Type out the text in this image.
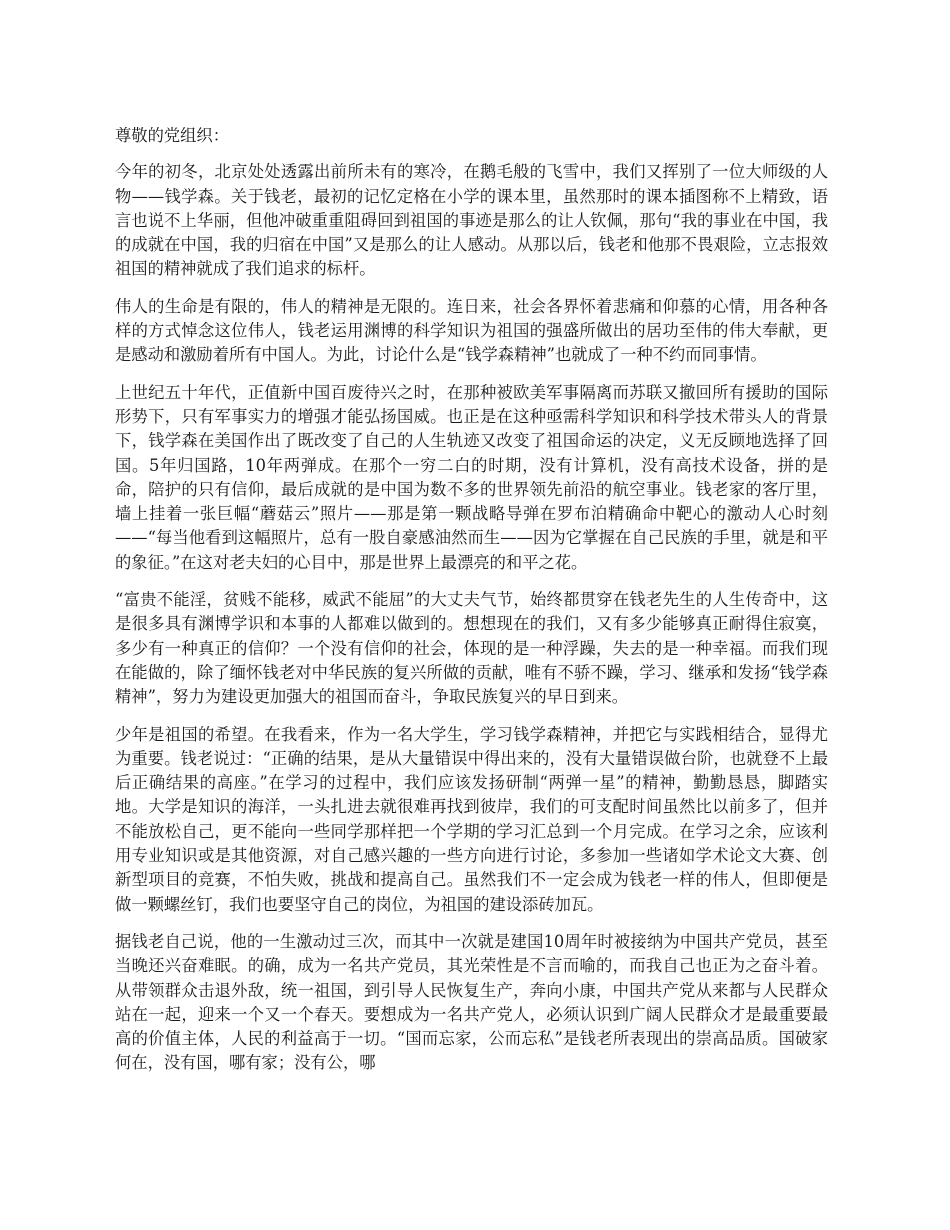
尊敬的党组织：

今年的初冬，北京处处透露出前所未有的寒冷，在鹅毛般的飞雪中，我们又挥别了一位大师级的人物——钱学森。关于钱老，最初的记忆定格在小学的课本里，虽然那时的课本插图称不上精致，语言也说不上华丽，但他冲破重重阻碍回到祖国的事迹是那么的让人钦佩，那句“我的事业在中国，我的成就在中国，我的归宿在中国”又是那么的让人感动。从那以后，钱老和他那不畏艰险，立志报效祖国的精神就成了我们追求的标杆。

伟人的生命是有限的，伟人的精神是无限的。连日来，社会各界怀着悲痛和仰慕的心情，用各种各样的方式悼念这位伟人，钱老运用渊博的科学知识为祖国的强盛所做出的居功至伟的伟大奉献，更是感动和激励着所有中国人。为此，讨论什么是“钱学森精神”也就成了一种不约而同事情。

上世纪五十年代，正值新中国百废待兴之时，在那种被欧美军事隔离而苏联又撤回所有援助的国际形势下，只有军事实力的增强才能弘扬国威。也正是在这种亟需科学知识和科学技术带头人的背景下，钱学森在美国作出了既改变了自己的人生轨迹又改变了祖国命运的决定，义无反顾地选择了回国。5年归国路，10年两弹成。在那个一穷二白的时期，没有计算机，没有高技术设备，拼的是命，陪护的只有信仰，最后成就的是中国为数不多的世界领先前沿的航空事业。钱老家的客厅里，墙上挂着一张巨幅“蘑菇云”照片——那是第一颗战略导弹在罗布泊精确命中靶心的激动人心时刻——“每当他看到这幅照片，总有一股自豪感油然而生——因为它掌握在自己民族的手里，就是和平的象征。”在这对老夫妇的心目中，那是世界上最漂亮的和平之花。

“富贵不能淫，贫贱不能移，威武不能屈”的大丈夫气节，始终都贯穿在钱老先生的人生传奇中，这是很多具有渊博学识和本事的人都难以做到的。想想现在的我们，又有多少能够真正耐得住寂寞，多少有一种真正的信仰？一个没有信仰的社会，体现的是一种浮躁，失去的是一种幸福。而我们现在能做的，除了缅怀钱老对中华民族的复兴所做的贡献，唯有不骄不躁，学习、继承和发扬“钱学森精神”，努力为建设更加强大的祖国而奋斗，争取民族复兴的早日到来。

少年是祖国的希望。在我看来，作为一名大学生，学习钱学森精神，并把它与实践相结合，显得尤为重要。钱老说过：“正确的结果，是从大量错误中得出来的，没有大量错误做台阶，也就登不上最后正确结果的高座。”在学习的过程中，我们应该发扬研制“两弹一星”的精神，勤勤恳恳，脚踏实地。大学是知识的海洋，一头扎进去就很难再找到彼岸，我们的可支配时间虽然比以前多了，但并不能放松自己，更不能向一些同学那样把一个学期的学习汇总到一个月完成。在学习之余，应该利用专业知识或是其他资源，对自己感兴趣的一些方向进行讨论，多参加一些诸如学术论文大赛、创新型项目的竞赛，不怕失败，挑战和提高自己。虽然我们不一定会成为钱老一样的伟人，但即便是做一颗螺丝钉，我们也要坚守自己的岗位，为祖国的建设添砖加瓦。

据钱老自己说，他的一生激动过三次，而其中一次就是建国10周年时被接纳为中国共产党员，甚至当晚还兴奋难眠。的确，成为一名共产党员，其光荣性是不言而喻的，而我自己也正为之奋斗着。从带领群众击退外敌，统一祖国，到引导人民恢复生产，奔向小康，中国共产党从来都与人民群众站在一起，迎来一个又一个春天。要想成为一名共产党人，必须认识到广阔人民群众才是最重要最高的价值主体，人民的利益高于一切。“国而忘家，公而忘私”是钱老所表现出的崇高品质。国破家何在，没有国，哪有家；没有公，哪
